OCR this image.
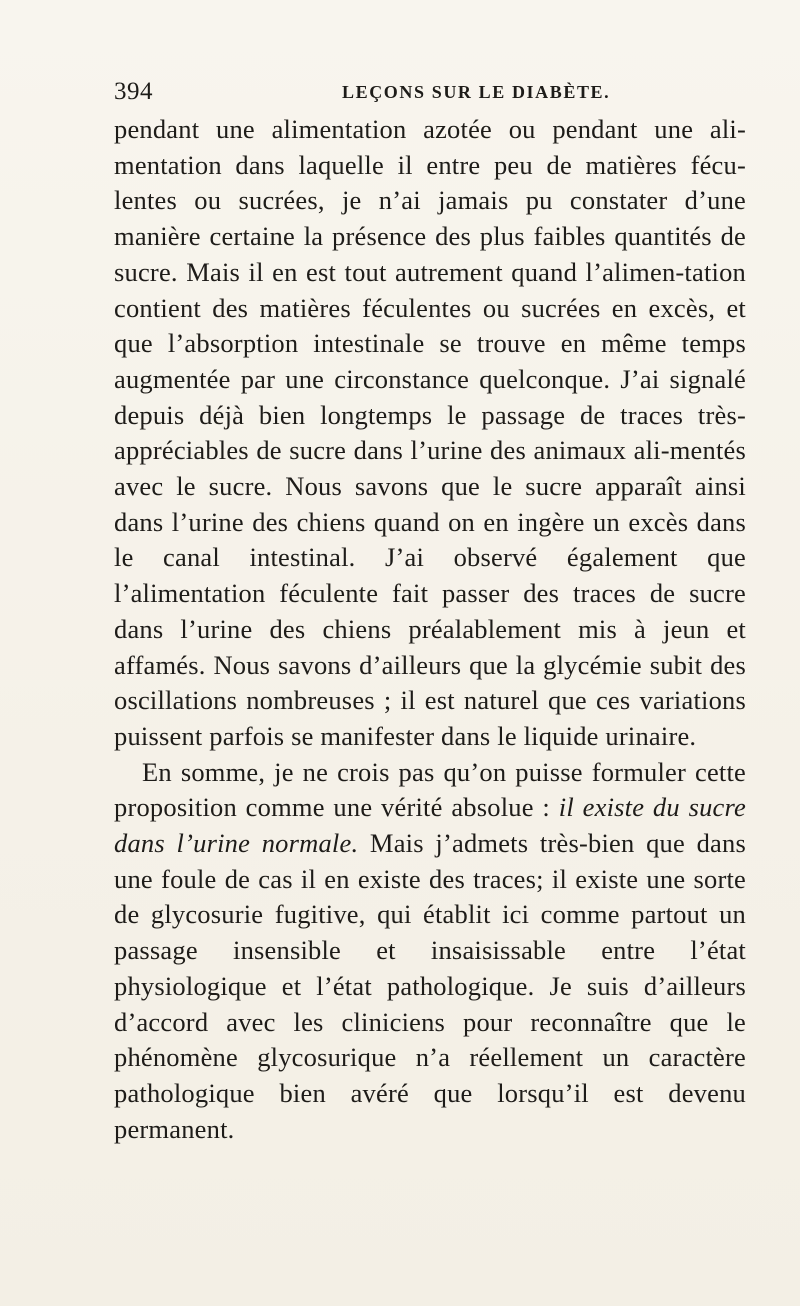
394	LEÇONS SUR LE DIABÈTE.

pendant une alimentation azotée ou pendant une ali-mentation dans laquelle il entre peu de matières fécu-lentes ou sucrées, je n’ai jamais pu constater d’une manière certaine la présence des plus faibles quantités de sucre. Mais il en est tout autrement quand l’alimen-tation contient des matières féculentes ou sucrées en excès, et que l’absorption intestinale se trouve en même temps augmentée par une circonstance quelconque. J’ai signalé depuis déjà bien longtemps le passage de traces très-appréciables de sucre dans l’urine des animaux ali-mentés avec le sucre. Nous savons que le sucre apparaît ainsi dans l’urine des chiens quand on en ingère un excès dans le canal intestinal. J’ai observé également que l’alimentation féculente fait passer des traces de sucre dans l’urine des chiens préalablement mis à jeun et affamés. Nous savons d’ailleurs que la glycémie subit des oscillations nombreuses ; il est naturel que ces variations puissent parfois se manifester dans le liquide urinaire.

En somme, je ne crois pas qu’on puisse formuler cette proposition comme une vérité absolue : il existe du sucre dans l’urine normale. Mais j’admets très-bien que dans une foule de cas il en existe des traces; il existe une sorte de glycosurie fugitive, qui établit ici comme partout un passage insensible et insaisissable entre l’état physiologique et l’état pathologique. Je suis d’ailleurs d’accord avec les cliniciens pour reconnaître que le phénomène glycosurique n’a réellement un caractère pathologique bien avéré que lorsqu’il est devenu permanent.
